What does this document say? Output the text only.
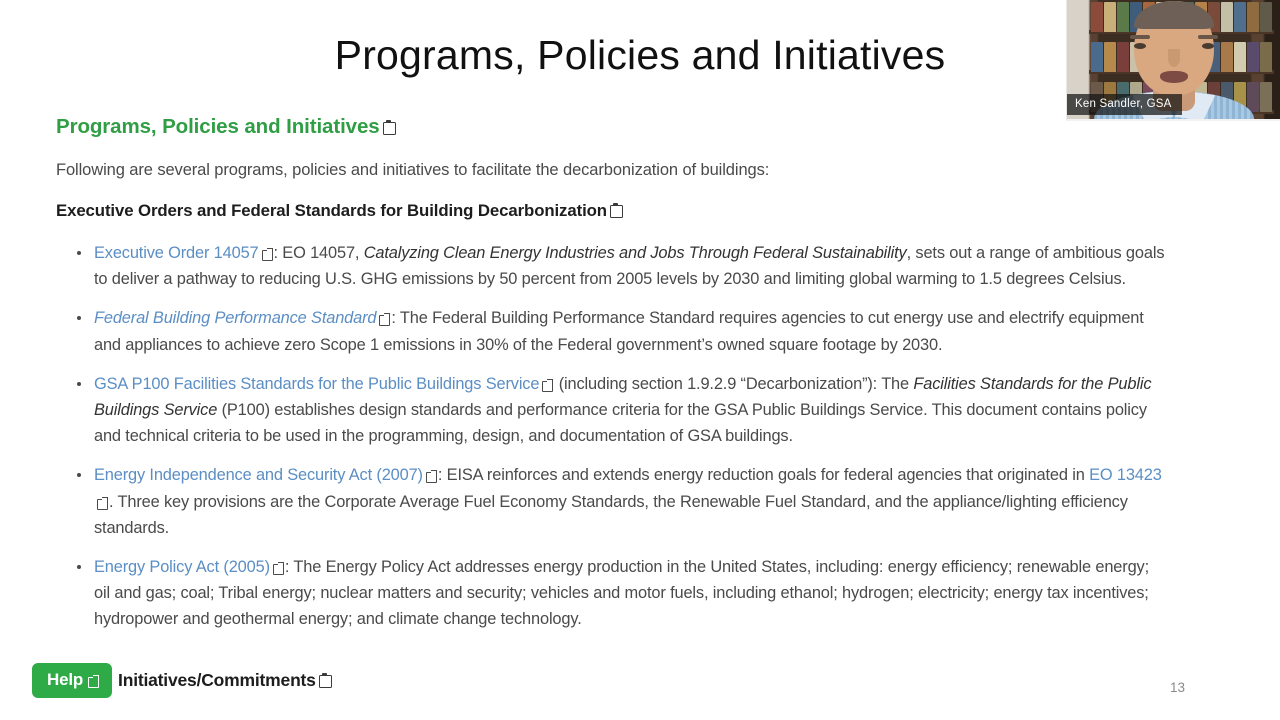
Programs, Policies and Initiatives
Programs, Policies and Initiatives

Following are several programs, policies and initiatives to facilitate the decarbonization of buildings:

Executive Orders and Federal Standards for Building Decarbonization
Executive Order 14057 : EO 14057, Catalyzing Clean Energy Industries and Jobs Through Federal Sustainability, sets out a range of ambitious goals to deliver a pathway to reducing U.S. GHG emissions by 50 percent from 2005 levels by 2030 and limiting global warming to 1.5 degrees Celsius.
Federal Building Performance Standard : The Federal Building Performance Standard requires agencies to cut energy use and electrify equipment and appliances to achieve zero Scope 1 emissions in 30% of the Federal government’s owned square footage by 2030.
GSA P100 Facilities Standards for the Public Buildings Service (including section 1.9.2.9 “Decarbonization”): The Facilities Standards for the Public Buildings Service (P100) establishes design standards and performance criteria for the GSA Public Buildings Service. This document contains policy and technical criteria to be used in the programming, design, and documentation of GSA buildings.
Energy Independence and Security Act (2007) : EISA reinforces and extends energy reduction goals for federal agencies that originated in EO 13423. Three key provisions are the Corporate Average Fuel Economy Standards, the Renewable Fuel Standard, and the appliance/lighting efficiency standards.
Energy Policy Act (2005) : The Energy Policy Act addresses energy production in the United States, including: energy efficiency; renewable energy; oil and gas; coal; Tribal energy; nuclear matters and security; vehicles and motor fuels, including ethanol; hydrogen; electricity; energy tax incentives; hydropower and geothermal energy; and climate change technology.
Help Initiatives/Commitments	13
Ken Sandler, GSA
